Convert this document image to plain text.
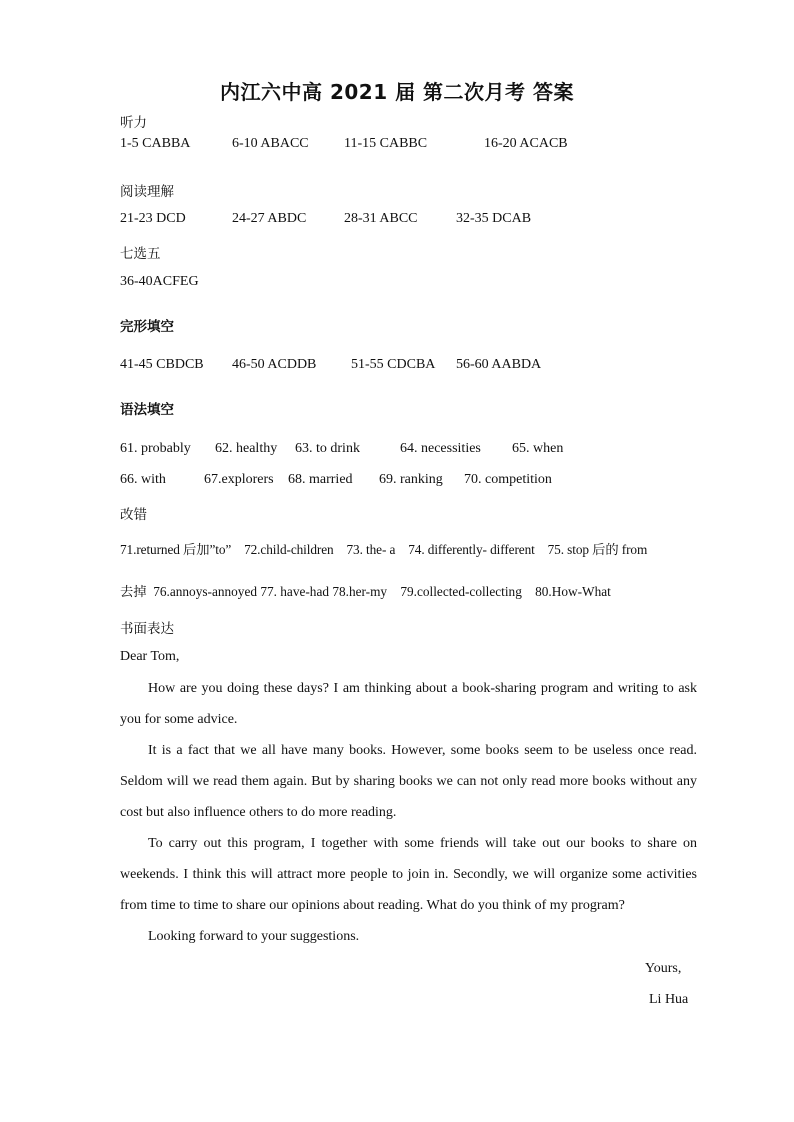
内江六中高 2021 届 第二次月考 答案
听力
1-5 CABBA	6-10 ABACC	11-15 CABBC	16-20 ACACB
阅读理解
21-23 DCD	24-27 ABDC	28-31 ABCC	32-35 DCAB
七选五
36-40ACFEG
完形填空
41-45 CBDCB 46-50 ACDDB 51-55 CDCBA 56-60 AABDA
语法填空
61. probably 62. healthy 63. to drink	64. necessities 65. when
66. with	67.explorers 68. married 69. ranking 70. competition
改错
71.returned 后加”to”    72.child-children    73. the- a    74. differently- different    75. stop 后的 from
去掉  76.annoys-annoyed 77. have-had 78.her-my    79.collected-collecting    80.How-What
书面表达
Dear Tom,

How are you doing these days? I am thinking about a book-sharing program and writing to ask you for some advice.

It is a fact that we all have many books. However, some books seem to be useless once read. Seldom will we read them again. But by sharing books we can not only read more books without any cost but also influence others to do more reading.

To carry out this program, I together with some friends will take out our books to share on weekends. I think this will attract more people to join in. Secondly, we will organize some activities from time to time to share our opinions about reading. What do you think of my program?

Looking forward to your suggestions.

Yours,
Li Hua
